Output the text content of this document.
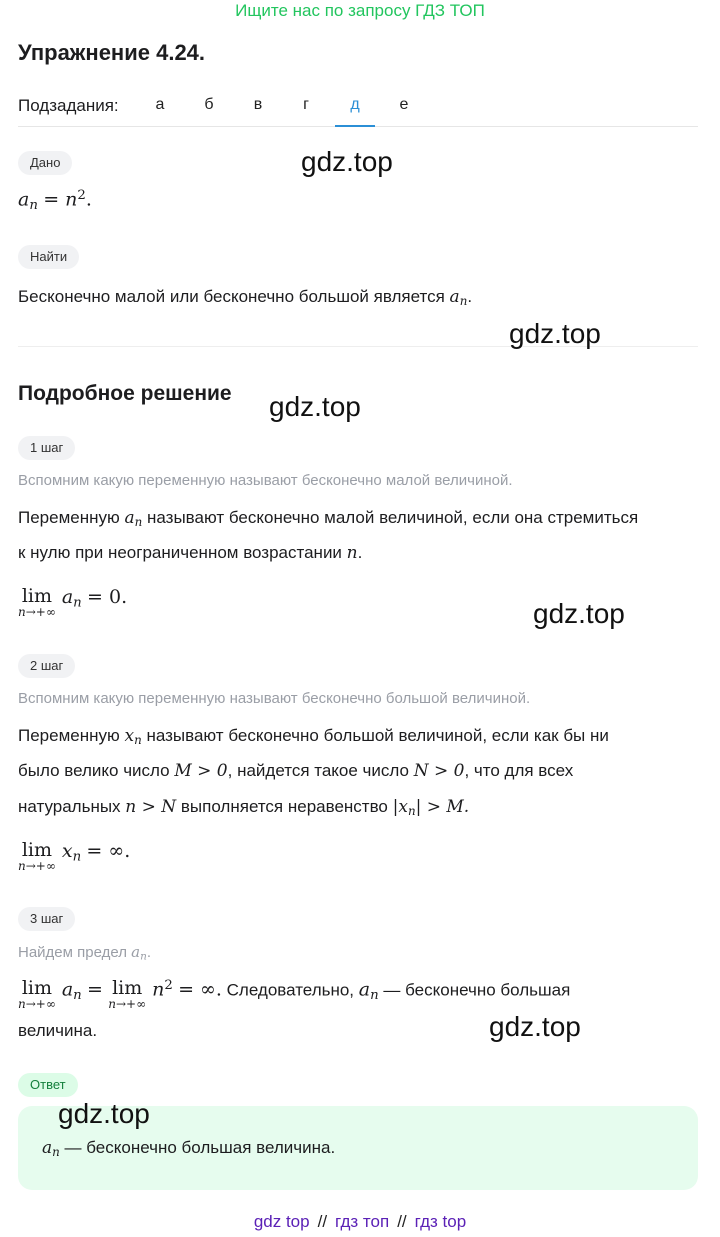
Ищите нас по запросу ГДЗ ТОП
Упражнение 4.24.
Подзадания:	а	б	в	г	д	е
Дано
$a_n = n^2$.
Найти
Бесконечно малой или бесконечно большой является $a_n$.
Подробное решение
1 шаг
Вспомним какую переменную называют бесконечно малой величиной.
Переменную $a_n$ называют бесконечно малой величиной, если она стремиться
к нулю при неограниченном возрастании n.
lim
n→+∞
$a_n = 0$.
2 шаг
Вспомним какую переменную называют бесконечно большой величиной.
Переменную $x_n$ называют бесконечно большой величиной, если как бы ни
было велико число M > 0, найдется такое число N > 0, что для всех
натуральных n > N выполняется неравенство $|x_n| > M$.
lim
n→+∞
$x_n$ = ∞.
3 шаг
Найдем предел $a_n$.
lim
n→+∞
$a_n = \lim$
n→+∞
$n^2$ = ∞. Следовательно, $a_n$ — бесконечно большая
величина.
Ответ
$a_n$ — бесконечно большая величина.
gdz.top
gdz.top
gdz.top
gdz.top
gdz.top
gdz.top
gdz top // гдз топ // гдз top
